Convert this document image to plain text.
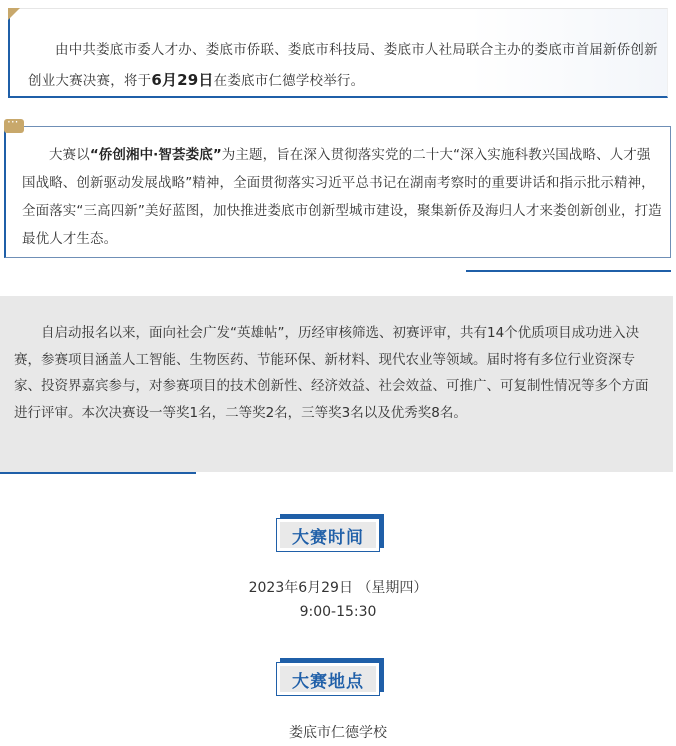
由中共娄底市委人才办、娄底市侨联、娄底市科技局、娄底市人社局联合主办的娄底市首届新侨创新创业大赛决赛，将于6月29日在娄底市仁德学校举行。

···

大赛以“侨创湘中·智荟娄底”为主题，旨在深入贯彻落实党的二十大“深入实施科教兴国战略、人才强国战略、创新驱动发展战略”精神，全面贯彻落实习近平总书记在湖南考察时的重要讲话和指示批示精神，全面落实“三高四新”美好蓝图，加快推进娄底市创新型城市建设，聚集新侨及海归人才来娄创新创业，打造最优人才生态。

自启动报名以来，面向社会广发“英雄帖”，历经审核筛选、初赛评审，共有14个优质项目成功进入决赛，参赛项目涵盖人工智能、生物医药、节能环保、新材料、现代农业等领域。届时将有多位行业资深专家、投资界嘉宾参与，对参赛项目的技术创新性、经济效益、社会效益、可推广、可复制性情况等多个方面进行评审。本次决赛设一等奖1名，二等奖2名，三等奖3名以及优秀奖8名。

大赛时间
2023年6月29日 （星期四）
9:00-15:30
大赛地点
娄底市仁德学校
